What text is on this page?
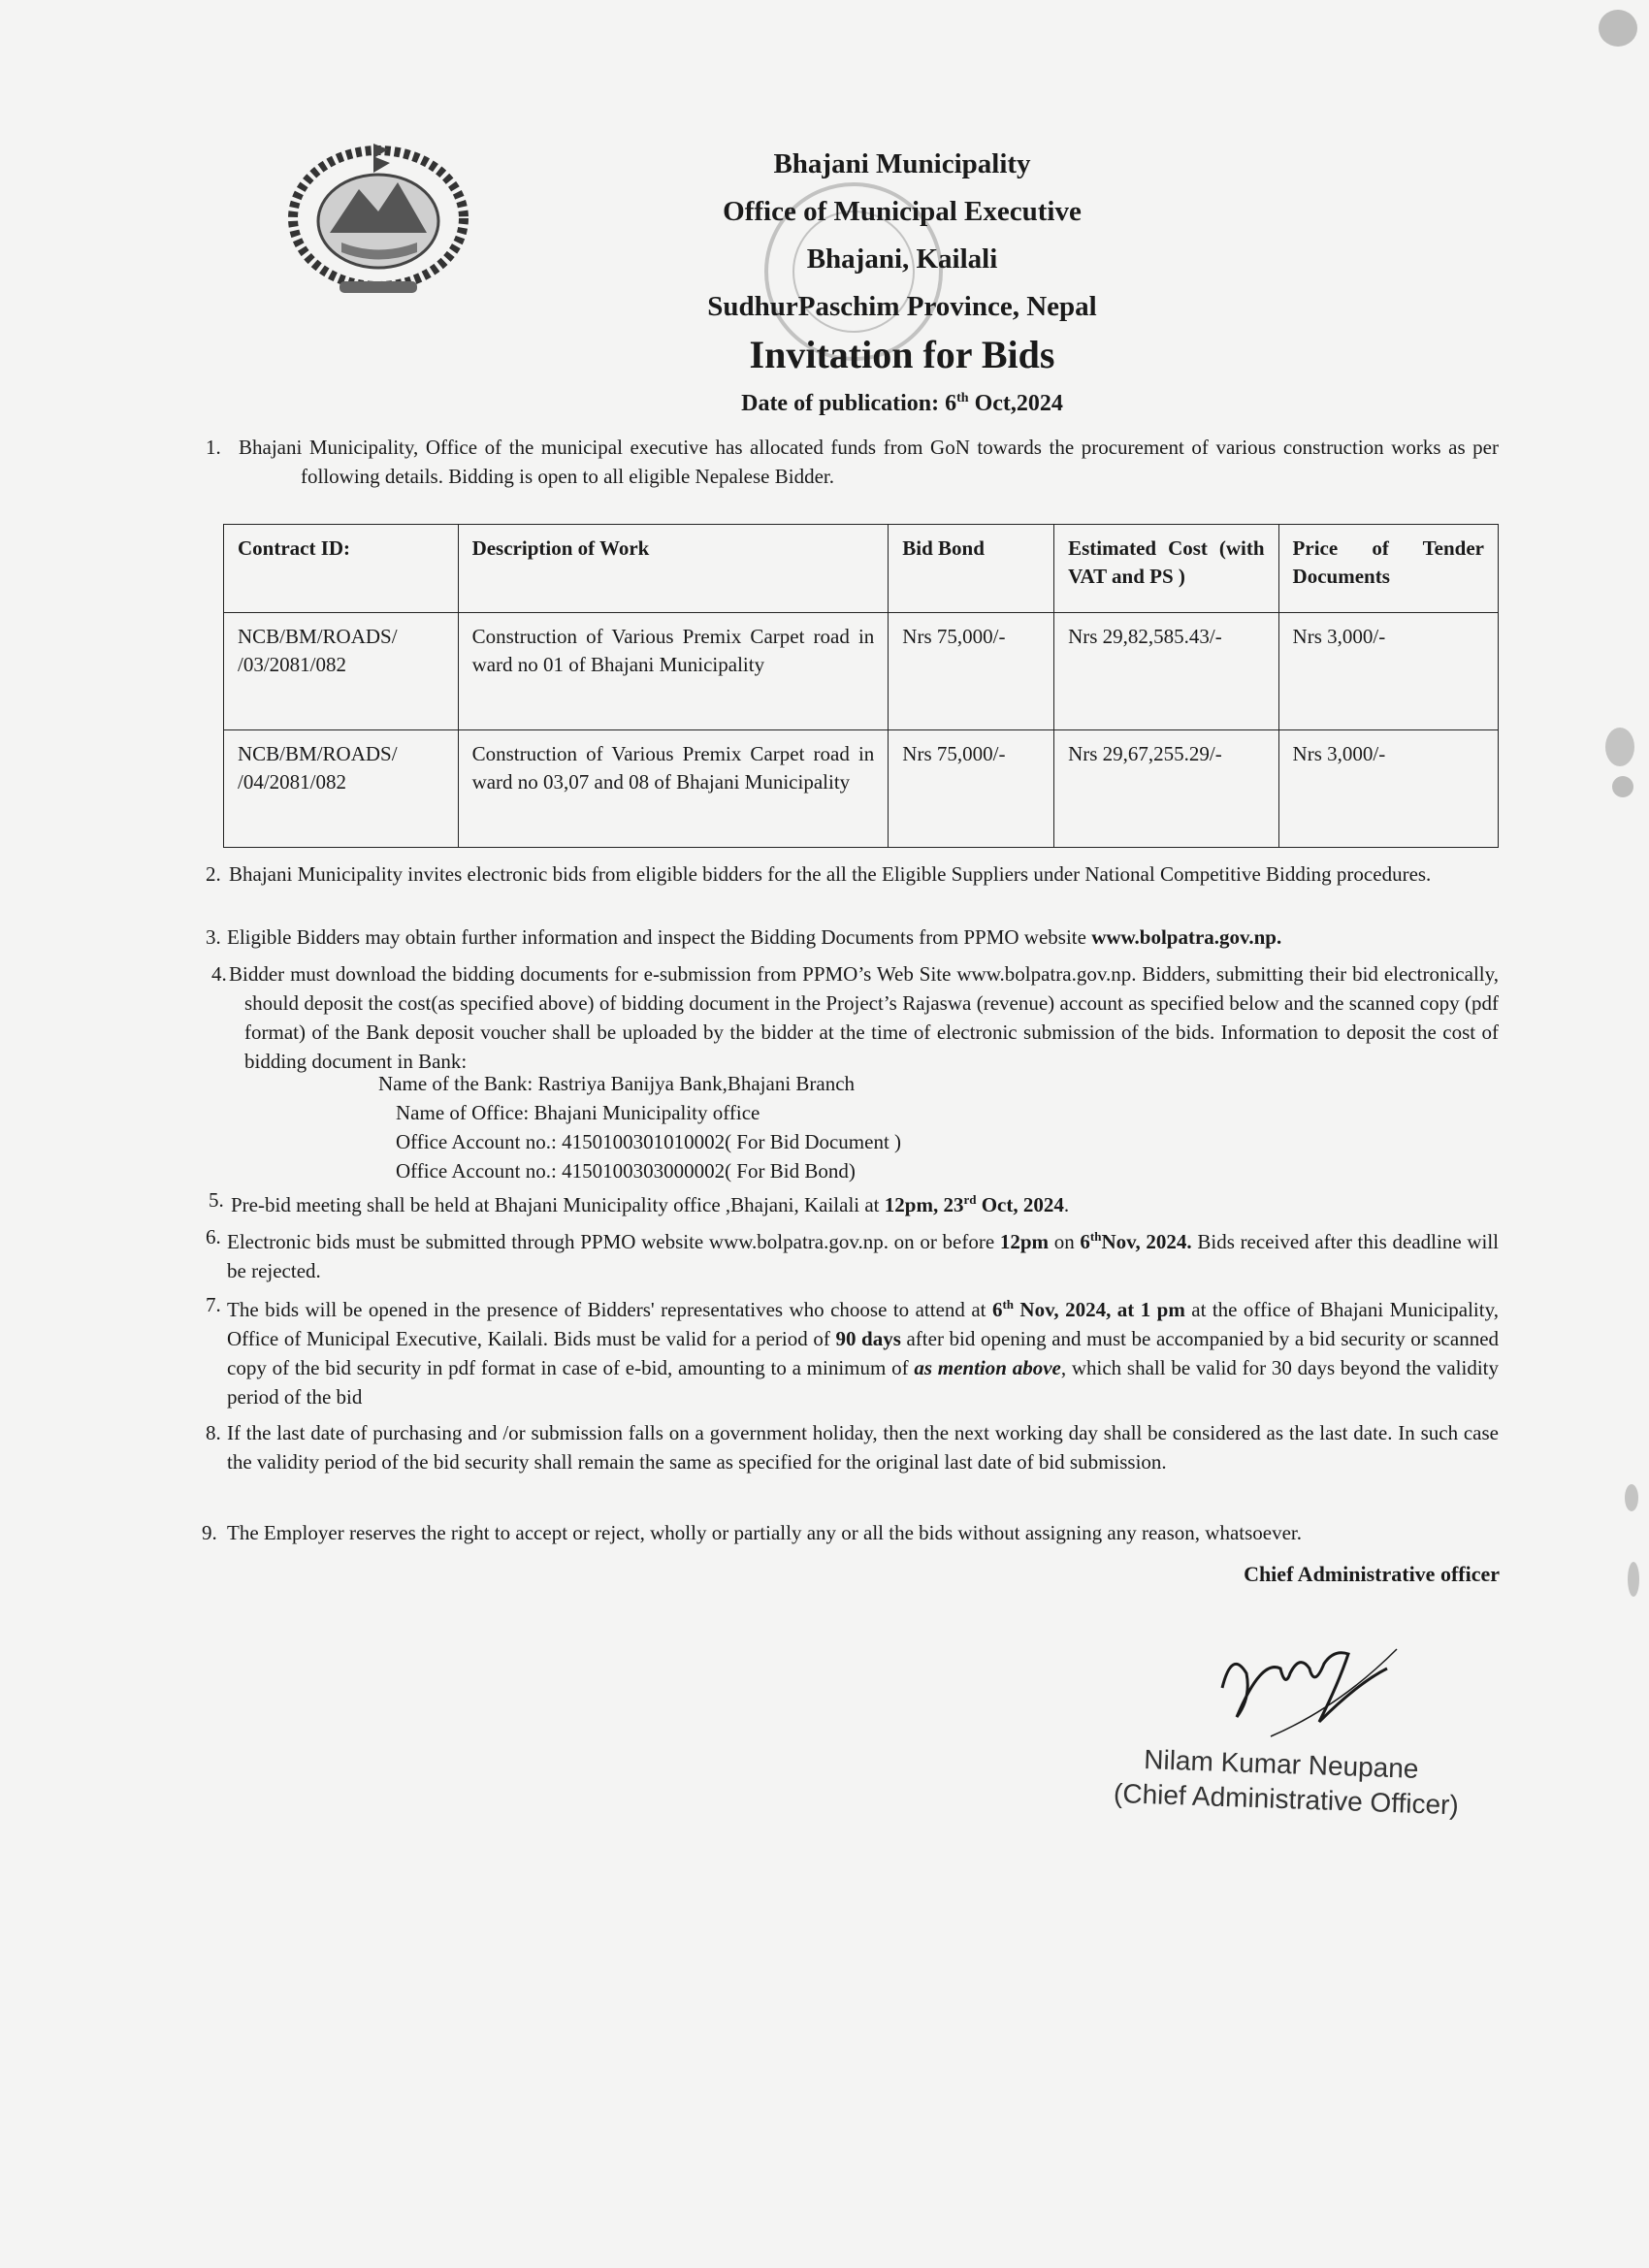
Bhajani Municipality
Office of Municipal Executive
Bhajani, Kailali
SudhurPaschim Province, Nepal
Invitation for Bids
Date of publication: 6th Oct,2024
1. Bhajani Municipality, Office of the municipal executive has allocated funds from GoN towards the procurement of various construction works as per following details. Bidding is open to all eligible Nepalese Bidder.
Contract ID:	Description of Work	Bid Bond	Estimated Cost (with VAT and PS )	Price of Tender Documents
NCB/BM/ROADS/ /03/2081/082	Construction of Various Premix Carpet road in ward no 01 of Bhajani Municipality	Nrs 75,000/-	Nrs 29,82,585.43/-	Nrs 3,000/-
NCB/BM/ROADS/ /04/2081/082	Construction of Various Premix Carpet road in ward no 03,07 and 08 of Bhajani Municipality	Nrs 75,000/-	Nrs 29,67,255.29/-	Nrs 3,000/-
2. Bhajani Municipality invites electronic bids from eligible bidders for the all the Eligible Suppliers under National Competitive Bidding procedures.
3. Eligible Bidders may obtain further information and inspect the Bidding Documents from PPMO website www.bolpatra.gov.np.
4. Bidder must download the bidding documents for e-submission from PPMO’s Web Site www.bolpatra.gov.np. Bidders, submitting their bid electronically, should deposit the cost(as specified above) of bidding document in the Project’s Rajaswa (revenue) account as specified below and the scanned copy (pdf format) of the Bank deposit voucher shall be uploaded by the bidder at the time of electronic submission of the bids. Information to deposit the cost of bidding document in Bank:
Name of the Bank: Rastriya Banijya Bank,Bhajani Branch
Name of Office: Bhajani Municipality office
Office Account no.: 4150100301010002( For Bid Document )
Office Account no.: 4150100303000002( For Bid Bond)
5. Pre-bid meeting shall be held at Bhajani Municipality office ,Bhajani, Kailali at 12pm, 23rd Oct, 2024.
6. Electronic bids must be submitted through PPMO website www.bolpatra.gov.np. on or before 12pm on 6thNov, 2024. Bids received after this deadline will be rejected.
7. The bids will be opened in the presence of Bidders' representatives who choose to attend at 6th Nov, 2024, at 1 pm at the office of Bhajani Municipality, Office of Municipal Executive, Kailali. Bids must be valid for a period of 90 days after bid opening and must be accompanied by a bid security or scanned copy of the bid security in pdf format in case of e-bid, amounting to a minimum of as mention above, which shall be valid for 30 days beyond the validity period of the bid
8. If the last date of purchasing and /or submission falls on a government holiday, then the next working day shall be considered as the last date. In such case the validity period of the bid security shall remain the same as specified for the original last date of bid submission.
9. The Employer reserves the right to accept or reject, wholly or partially any or all the bids without assigning any reason, whatsoever.
Chief Administrative officer
Nilam Kumar Neupane
(Chief Administrative Officer)
